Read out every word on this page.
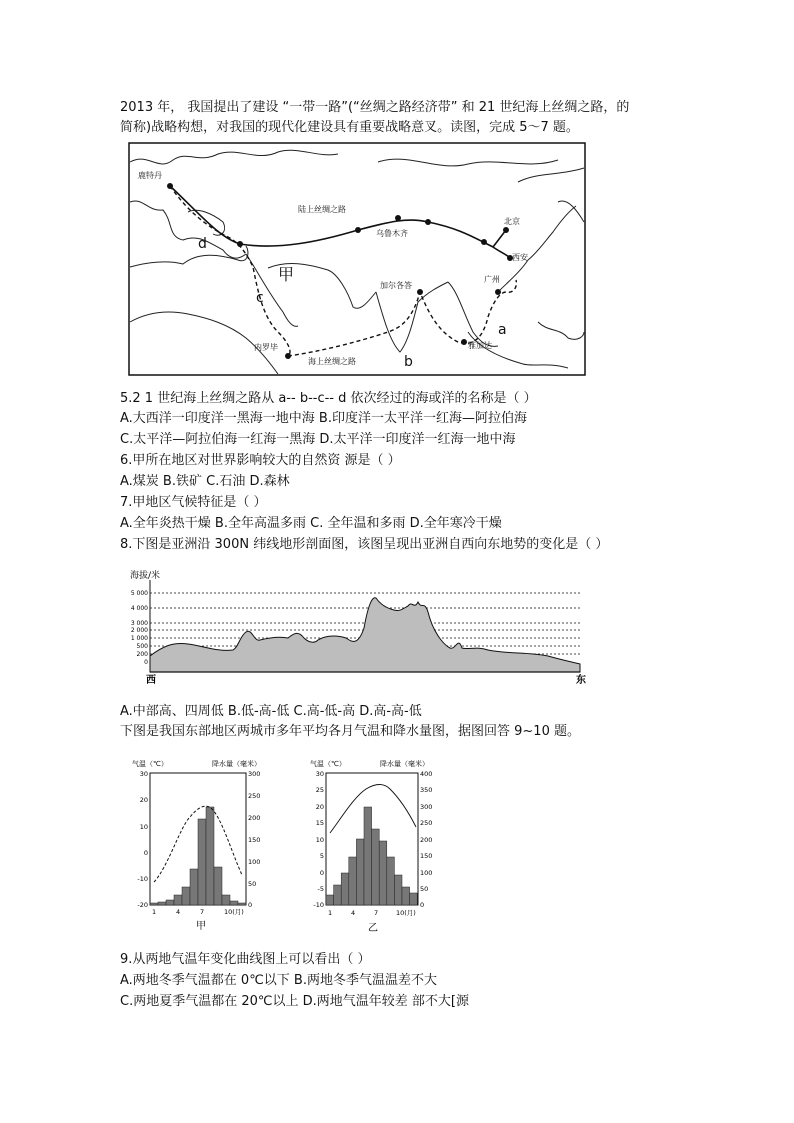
2013 年， 我国提出了建设 “一带一路”(“丝绸之路经济带” 和 21 世纪海上丝绸之路，的
简称)战略构想，对我国的现代化建设具有重要战略意叉。读图，完成 5～7 题。
鹿特丹
陆上丝绸之路
乌鲁木齐
北京
西安
广州
加尔各答
内罗毕
海上丝绸之路
雅加达
甲
a
b
c
d
5.2 1 世纪海上丝绸之路从 a-- b--c-- d 依次经过的海或洋的名称是（ ）
A.大西洋一印度洋一黑海一地中海 B.印度洋一太平洋一红海—阿拉伯海
C.太平洋—阿拉伯海一红海一黑海 D.太平洋一印度洋一红海一地中海
6.甲所在地区对世界影响较大的自然资 源是（ ）
A.煤炭 B.铁矿 C.石油 D.森林
7.甲地区气候特征是（ ）
A.全年炎热干燥 B.全年高温多雨 C. 全年温和多雨 D.全年寒冷干燥
8.下图是亚洲沿 300N 纬线地形剖面图，该图呈现出亚洲自西向东地势的变化是（ ）
海拔/米
5 000
4 000
3 000
2 000
1 000
500
200
0
西	东
A.中部高、四周低 B.低-高-低 C.高-低-高 D.高-高-低
下图是我国东部地区两城市多年平均各月气温和降水量图，据图回答 9~10 题。
气温（℃）	降水量（毫米）
30
20
10
0
-10
-20
300
250
200
150
100
50
0
1	4	7	10(月)
甲
气温（℃）	降水量（毫米）
30
25
20
15
10
5
0
-5
-10
400
350
300
250
200
150
100
50
0
1	4	7	10(月)
乙
9.从两地气温年变化曲线图上可以看出（ ）
A.两地冬季气温都在 0℃以下 B.两地冬季气温温差不大
C.两地夏季气温都在 20℃以上 D.两地气温年较差 部不大[源
